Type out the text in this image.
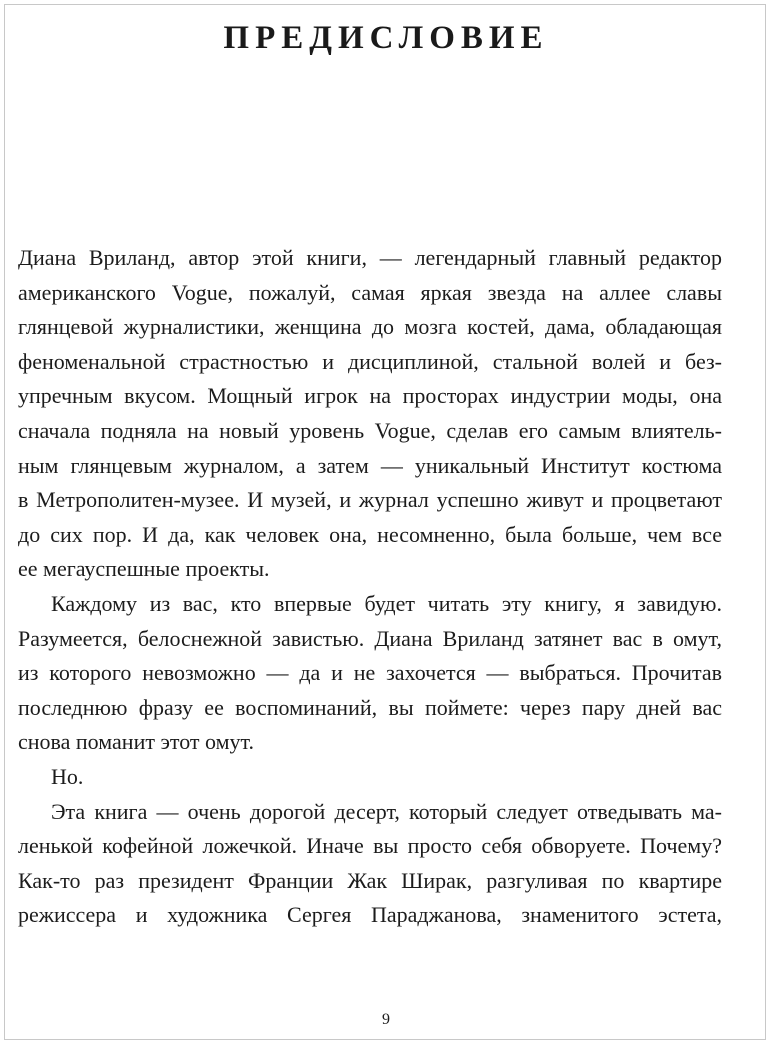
ПРЕДИСЛОВИЕ
Диана Вриланд, автор этой книги, — легендарный главный редактор
американского Vogue, пожалуй, самая яркая звезда на аллее славы
глянцевой журналистики, женщина до мозга костей, дама, обладающая
феноменальной страстностью и дисциплиной, стальной волей и без-
упречным вкусом. Мощный игрок на просторах индустрии моды, она
сначала подняла на новый уровень Vogue, сделав его самым влиятель-
ным глянцевым журналом, а затем — уникальный Институт костюма
в Метрополитен-музее. И музей, и журнал успешно живут и процветают
до сих пор. И да, как человек она, несомненно, была больше, чем все
ее мегауспешные проекты.
Каждому из вас, кто впервые будет читать эту книгу, я завидую.
Разумеется, белоснежной завистью. Диана Вриланд затянет вас в омут,
из которого невозможно — да и не захочется — выбраться. Прочитав
последнюю фразу ее воспоминаний, вы поймете: через пару дней вас
снова поманит этот омут.
Но.
Эта книга — очень дорогой десерт, который следует отведывать ма-
ленькой кофейной ложечкой. Иначе вы просто себя обворуете. Почему?
Как-то раз президент Франции Жак Ширак, разгуливая по квартире
режиссера и художника Сергея Параджанова, знаменитого эстета,
9
